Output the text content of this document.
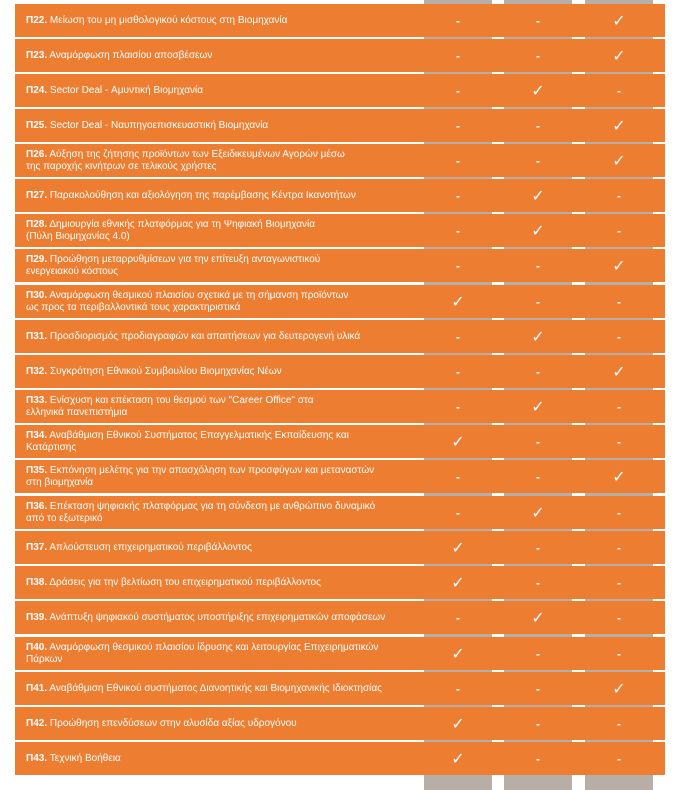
Π22. Μείωση του μη μισθολογικού κόστους στη Βιομηχανία	-	-	✓
Π23. Αναμόρφωση πλαισίου αποσβέσεων	-	-	✓
Π24. Sector Deal - Αμυντική Βιομηχανία	-	✓	-
Π25. Sector Deal - Ναυπηγοεπισκευαστική Βιομηχανία	-	-	✓
Π26. Αύξηση της ζήτησης προϊόντων των Εξειδικευμένων Αγορών μέσω
της παροχής κινήτρων σε τελικούς χρήστες	-	-	✓
Π27. Παρακολούθηση και αξιολόγηση της παρέμβασης Κέντρα Ικανοτήτων	-	✓	-
Π28. Δημιουργία εθνικής πλατφόρμας για τη Ψηφιακή Βιομηχανία
(Πύλη Βιομηχανίας 4.0)	-	✓	-
Π29. Προώθηση μεταρρυθμίσεων για την επίτευξη ανταγωνιστικού
ενεργειακού κόστους	-	-	✓
Π30. Αναμόρφωση θεσμικού πλαισίου σχετικά με τη σήμανση προϊόντων
ως προς τα περιβαλλοντικά τους χαρακτηριστικά	✓	-	-
Π31. Προσδιορισμός προδιαγραφών και απαιτήσεων για δευτερογενή υλικά	-	✓	-
Π32. Συγκρότηση Εθνικού Συμβουλίου Βιομηχανίας Νέων	-	-	✓
Π33. Ενίσχυση και επέκταση του θεσμού των "Career Office" στα
ελληνικά πανεπιστήμια	-	✓	-
Π34. Αναβάθμιση Εθνικού Συστήματος Επαγγελματικής Εκπαίδευσης και
Κατάρτισης	✓	-	-
Π35. Εκπόνηση μελέτης για την απασχόληση των προσφύγων και μεταναστών
στη βιομηχανία	-	-	✓
Π36. Επέκταση ψηφιακής πλατφόρμας για τη σύνδεση με ανθρώπινο δυναμικό
από το εξωτερικό	-	✓	-
Π37. Απλούστευση επιχειρηματικού περιβάλλοντος	✓	-	-
Π38. Δράσεις για την βελτίωση του επιχειρηματικού περιβάλλοντος	✓	-	-
Π39. Ανάπτυξη ψηφιακού συστήματος υποστήριξης επιχειρηματικών αποφάσεων	-	✓	-
Π40. Αναμόρφωση θεσμικού πλαισίου ίδρυσης και λειτουργίας Επιχειρηματικών
Πάρκων	✓	-	-
Π41. Αναβάθμιση Εθνικού συστήματος Διανοητικής και Βιομηχανικής Ιδιοκτησίας	-	-	✓
Π42. Προώθηση επενδύσεων στην αλυσίδα αξίας υδρογόνου	✓	-	-
Π43. Τεχνική Βοήθεια	✓	-	-
